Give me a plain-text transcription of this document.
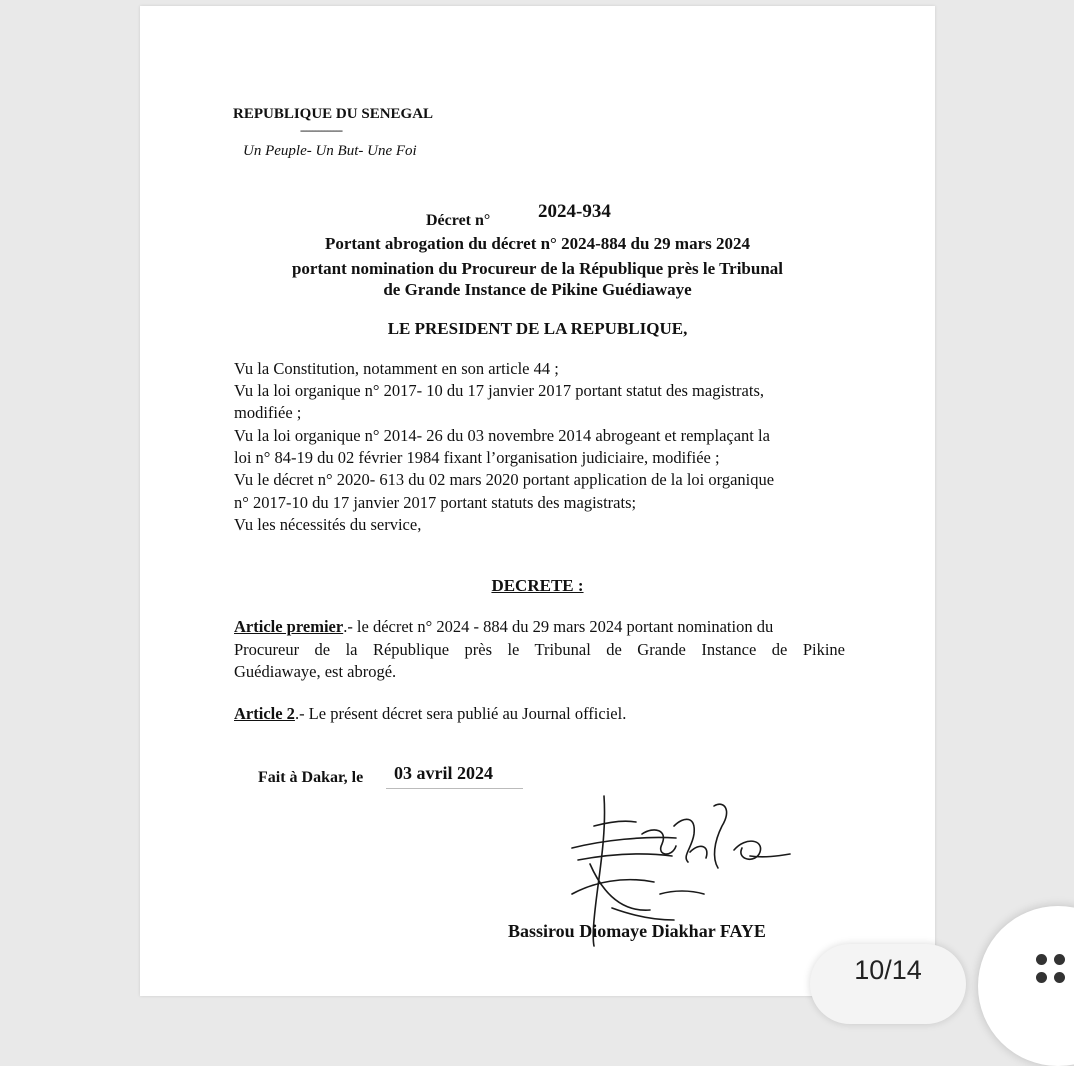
REPUBLIQUE DU SENEGAL
--------------
Un Peuple- Un But- Une Foi
Décret n°	2024-934
Portant abrogation du décret n° 2024-884 du 29 mars 2024
portant nomination du Procureur de la République près le Tribunal
de Grande Instance de Pikine Guédiawaye
LE PRESIDENT DE LA REPUBLIQUE,
Vu la Constitution, notamment en son article 44 ;
Vu la loi organique n° 2017- 10 du 17 janvier 2017 portant statut des magistrats,
modifiée ;
Vu la loi organique n° 2014- 26 du 03 novembre 2014 abrogeant et remplaçant la
loi n° 84-19 du 02 février 1984 fixant l’organisation judiciaire, modifiée ;
Vu le décret n° 2020- 613 du 02 mars 2020 portant application de la loi organique
n° 2017-10 du 17 janvier 2017 portant statuts des magistrats;
Vu les nécessités du service,
DECRETE :
Article premier.- le décret n° 2024 - 884 du 29 mars 2024 portant nomination du
Procureur de la République près le Tribunal de Grande Instance de Pikine
Guédiawaye, est abrogé.
Article 2.- Le présent décret sera publié au Journal officiel.
Fait à Dakar, le 03 avril 2024
Bassirou Diomaye Diakhar FAYE
10/14
